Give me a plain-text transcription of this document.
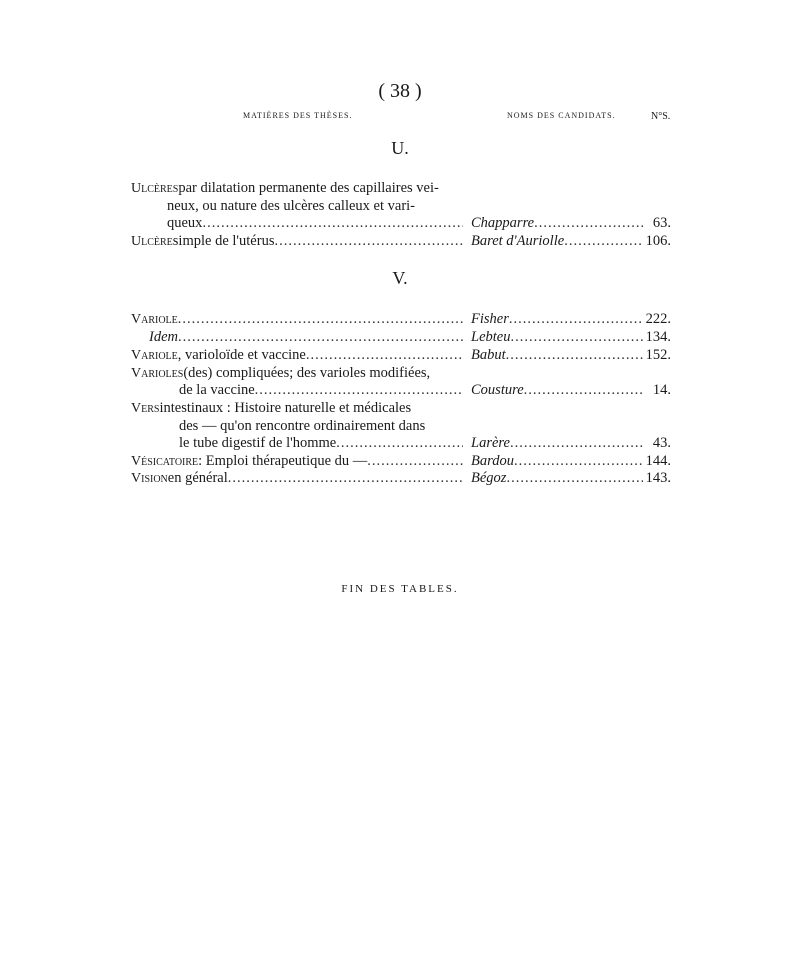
( 38 )
MATIÈRES DES THÈSES.	NOMS DES CANDIDATS.	N°S.
U.
Ulcères par dilatation permanente des capillaires vei-
neux, ou nature des ulcères calleux et vari-
queux .....	Chapparre .....	63.
Ulcère simple de l'utérus .....	Baret d'Auriolle .....	106.
V.
Variole .....	Fisher .....	222.
Idem .....	Lebteu .....	134.
Variole , varioloïde et vaccine .....	Babut .....	152.
Varioles (des) compliquées; des varioles modifiées,
de la vaccine .....	Cousture .....	14.
Vers intestinaux : Histoire naturelle et médicales
des — qu'on rencontre ordinairement dans
le tube digestif de l'homme .....	Larère .....	43.
Vésicatoire : Emploi thérapeutique du — .....	Bardou .....	144.
Vision en général .....	Bégoz .....	143.
FIN DES TABLES.
